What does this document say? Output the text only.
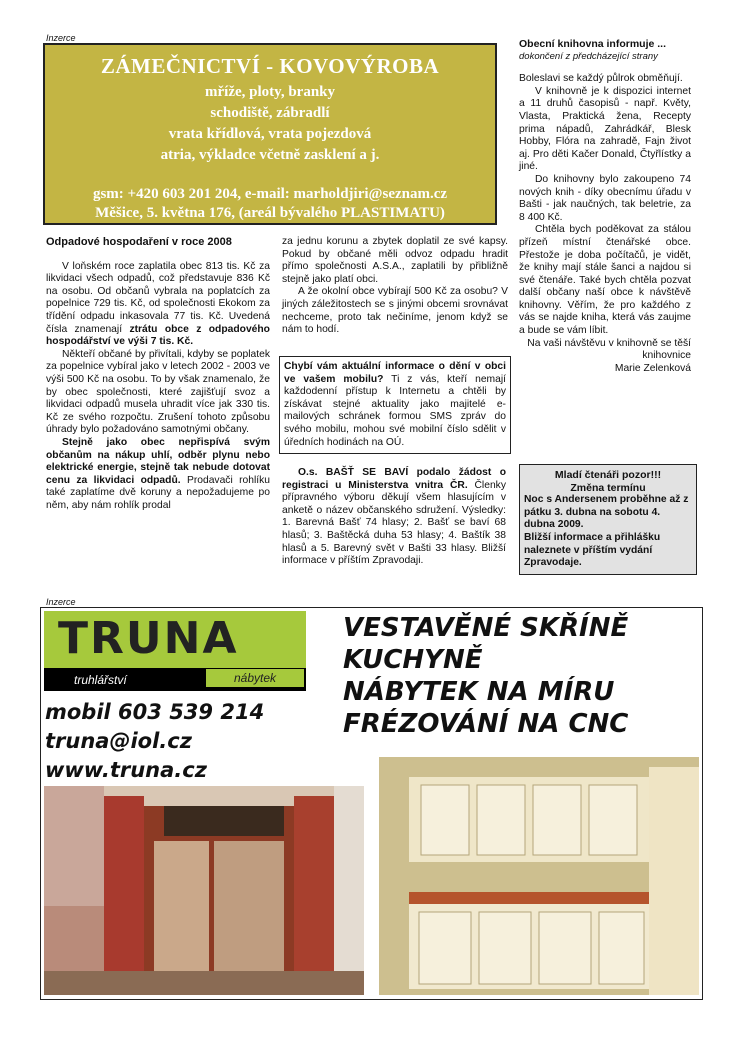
Inzerce
Inzerce
ZÁMEČNICTVÍ - KOVOVÝROBA
mříže, ploty, branky
schodiště, zábradlí
vrata křídlová, vrata pojezdová
atria, výkladce včetně zasklení a j.
gsm: +420 603 201 204, e-mail: marholdjiri@seznam.cz
Měšice, 5. května 176, (areál bývalého PLASTIMATU)
Obecní knihovna informuje ...
dokončení z předcházející strany

Boleslavi se každý půlrok obměňují.

V knihovně je k dispozici internet a 11 druhů časopisů - např. Květy, Vlasta, Praktická žena, Recepty prima nápadů, Zahrádkář, Blesk Hobby, Flóra na zahradě, Fajn život aj. Pro děti Kačer Donald, Čtyřlístky a jiné.

Do knihovny bylo zakoupeno 74 nových knih - díky obecnímu úřadu v Bašti - jak naučných, tak beletrie, za 8 400 Kč.

Chtěla bych poděkovat za stálou přízeň místní čtenářské obce. Přestože je doba počítačů, je vidět, že knihy mají stále šanci a najdou si své čtenáře. Také bych chtěla pozvat další občany naší obce k návštěvě knihovny. Věřím, že pro každého z vás se najde kniha, která vás zaujme a bude se vám líbit.

Na vaši návštěvu v knihovně se těší knihovnice

Marie Zelenková

Odpadové hospodaření v roce 2008

V loňském roce zaplatila obec 813 tis. Kč za likvidaci všech odpadů, což představuje 836 Kč na osobu. Od občanů vybrala na poplatcích za popelnice 729 tis. Kč, od společnosti Ekokom za třídění odpadu inkasovala 77 tis. Kč. Uvedená čísla znamenají ztrátu obce z odpadového hospodářství ve výši 7 tis. Kč.

Někteří občané by přivítali, kdyby se poplatek za popelnice vybíral jako v letech 2002 - 2003 ve výši 500 Kč na osobu. To by však znamenalo, že by obec společnosti, které zajišťují svoz a likvidaci odpadů musela uhradit více jak 330 tis. Kč ze svého rozpočtu. Zrušení tohoto způsobu úhrady bylo požadováno samotnými občany.

Stejně jako obec nepřispívá svým občanům na nákup uhlí, odběr plynu nebo elektrické energie, stejně tak nebude dotovat cenu za likvidaci odpadů. Prodavači rohlíku také zaplatíme dvě koruny a nepožadujeme po něm, aby nám rohlík prodal

za jednu korunu a zbytek doplatil ze své kapsy. Pokud by občané měli odvoz odpadu hradit přímo společnosti A.S.A., zaplatili by přibližně stejně jako platí obci.

A že okolní obce vybírají 500 Kč za osobu? V jiných záležitostech se s jinými obcemi srovnávat nechceme, proto tak nečiníme, jenom když se nám to hodí.

Chybí vám aktuální informace o dění v obci ve vašem mobilu? Ti z vás, kteří nemají každodenní přístup k Internetu a chtěli by získávat stejné aktuality jako majitelé e-mailových schránek formou SMS zpráv do svého mobilu, mohou své mobilní číslo sdělit v úředních hodinách na OÚ.

O.s. BAŠŤ SE BAVÍ podalo žádost o registraci u Ministerstva vnitra ČR. Členky přípravného výboru děkují všem hlasujícím v anketě o název občanského sdružení. Výsledky: 1. Barevná Bašť 74 hlasy; 2. Bašť se baví 68 hlasů; 3. Baštěcká duha 53 hlasy; 4. Baštík 38 hlasů a 5. Barevný svět v Bašti 33 hlasy. Bližší informace v příštím Zpravodaji.

Mladí čtenáři pozor!!!
Změna termínu

Noc s Andersenem proběhne až z pátku 3. dubna na sobotu 4. dubna 2009.

Bližší informace a přihlášku naleznete v příštím vydání Zpravodaje.

TRUNA
truhlářství	nábytek
mobil 603 539 214
truna@iol.cz
www.truna.cz
VESTAVĚNÉ SKŘÍNĚ
KUCHYNĚ
NÁBYTEK NA MÍRU
FRÉZOVÁNÍ NA CNC
